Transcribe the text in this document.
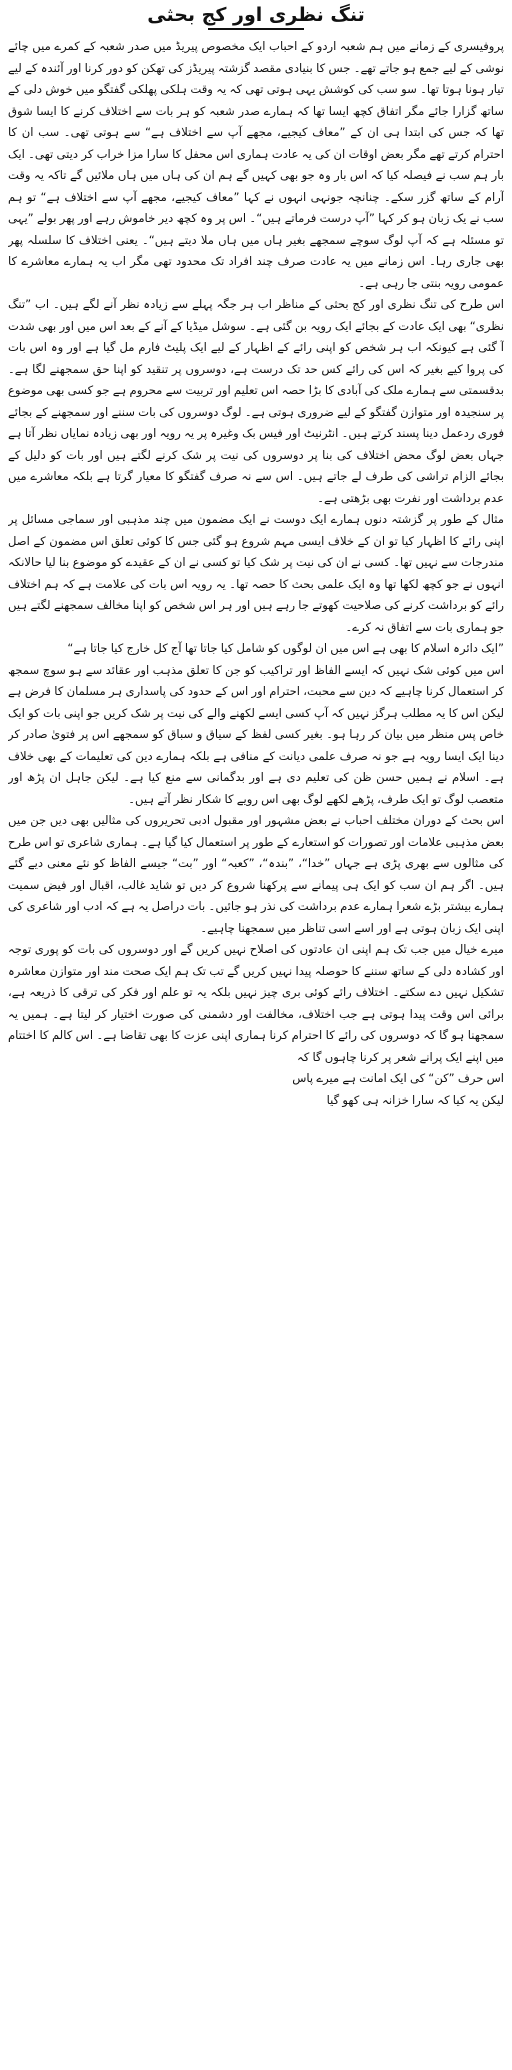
تنگ نظری اور کج بحثی

پروفیسری کے زمانے میں ہم شعبہ اردو کے احباب ایک مخصوص پیریڈ میں صدر شعبہ کے کمرے میں چائے نوشی کے لیے جمع ہو جاتے تھے۔ جس کا بنیادی مقصد گزشتہ پیریڈز کی تھکن کو دور کرنا اور آئندہ کے لیے تیار ہونا ہوتا تھا۔ سو سب کی کوشش یہی ہوتی تھی کہ یہ وقت ہلکی پھلکی گفتگو میں خوش دلی کے ساتھ گزارا جائے مگر اتفاق کچھ ایسا تھا کہ ہمارے صدر شعبہ کو ہر بات سے اختلاف کرنے کا ایسا شوق تھا کہ جس کی ابتدا ہی ان کے ”معاف کیجیے، مجھے آپ سے اختلاف ہے“ سے ہوتی تھی۔ سب ان کا احترام کرتے تھے مگر بعض اوقات ان کی یہ عادت ہماری اس محفل کا سارا مزا خراب کر دیتی تھی۔ ایک بار ہم سب نے فیصلہ کیا کہ اس بار وہ جو بھی کہیں گے ہم ان کی ہاں میں ہاں ملائیں گے تاکہ یہ وقت آرام کے ساتھ گزر سکے۔ چنانچہ جونہی انہوں نے کہا ”معاف کیجیے، مجھے آپ سے اختلاف ہے“ تو ہم سب نے یک زبان ہو کر کہا ”آپ درست فرماتے ہیں“۔ اس پر وہ کچھ دیر خاموش رہے اور پھر بولے ”یہی تو مسئلہ ہے کہ آپ لوگ سوچے سمجھے بغیر ہاں میں ہاں ملا دیتے ہیں“۔ یعنی اختلاف کا سلسلہ پھر بھی جاری رہا۔ اس زمانے میں یہ عادت صرف چند افراد تک محدود تھی مگر اب یہ ہمارے معاشرے کا عمومی رویہ بنتی جا رہی ہے۔

اس طرح کی تنگ نظری اور کج بحثی کے مناظر اب ہر جگہ پہلے سے زیادہ نظر آنے لگے ہیں۔ اب ”تنگ نظری“ بھی ایک عادت کے بجائے ایک رویہ بن گئی ہے۔ سوشل میڈیا کے آنے کے بعد اس میں اور بھی شدت آ گئی ہے کیونکہ اب ہر شخص کو اپنی رائے کے اظہار کے لیے ایک پلیٹ فارم مل گیا ہے اور وہ اس بات کی پروا کیے بغیر کہ اس کی رائے کس حد تک درست ہے، دوسروں پر تنقید کو اپنا حق سمجھنے لگا ہے۔ بدقسمتی سے ہمارے ملک کی آبادی کا بڑا حصہ اس تعلیم اور تربیت سے محروم ہے جو کسی بھی موضوع پر سنجیدہ اور متوازن گفتگو کے لیے ضروری ہوتی ہے۔ لوگ دوسروں کی بات سننے اور سمجھنے کے بجائے فوری ردعمل دینا پسند کرتے ہیں۔ انٹرنیٹ اور فیس بک وغیرہ پر یہ رویہ اور بھی زیادہ نمایاں نظر آتا ہے جہاں بعض لوگ محض اختلاف کی بنا پر دوسروں کی نیت پر شک کرنے لگتے ہیں اور بات کو دلیل کے بجائے الزام تراشی کی طرف لے جاتے ہیں۔ اس سے نہ صرف گفتگو کا معیار گرتا ہے بلکہ معاشرے میں عدم برداشت اور نفرت بھی بڑھتی ہے۔

مثال کے طور پر گزشتہ دنوں ہمارے ایک دوست نے ایک مضمون میں چند مذہبی اور سماجی مسائل پر اپنی رائے کا اظہار کیا تو ان کے خلاف ایسی مہم شروع ہو گئی جس کا کوئی تعلق اس مضمون کے اصل مندرجات سے نہیں تھا۔ کسی نے ان کی نیت پر شک کیا تو کسی نے ان کے عقیدے کو موضوع بنا لیا حالانکہ انہوں نے جو کچھ لکھا تھا وہ ایک علمی بحث کا حصہ تھا۔ یہ رویہ اس بات کی علامت ہے کہ ہم اختلاف رائے کو برداشت کرنے کی صلاحیت کھوتے جا رہے ہیں اور ہر اس شخص کو اپنا مخالف سمجھنے لگتے ہیں جو ہماری بات سے اتفاق نہ کرے۔

”ایک دائرہ اسلام کا بھی ہے اس میں ان لوگوں کو شامل کیا جاتا تھا آج کل خارج کیا جاتا ہے“

اس میں کوئی شک نہیں کہ ایسے الفاظ اور تراکیب کو جن کا تعلق مذہب اور عقائد سے ہو سوچ سمجھ کر استعمال کرنا چاہیے کہ دین سے محبت، احترام اور اس کے حدود کی پاسداری ہر مسلمان کا فرض ہے لیکن اس کا یہ مطلب ہرگز نہیں کہ آپ کسی ایسے لکھنے والے کی نیت پر شک کریں جو اپنی بات کو ایک خاص پس منظر میں بیان کر رہا ہو۔ بغیر کسی لفظ کے سیاق و سباق کو سمجھے اس پر فتویٰ صادر کر دینا ایک ایسا رویہ ہے جو نہ صرف علمی دیانت کے منافی ہے بلکہ ہمارے دین کی تعلیمات کے بھی خلاف ہے۔ اسلام نے ہمیں حسن ظن کی تعلیم دی ہے اور بدگمانی سے منع کیا ہے۔ لیکن جاہل ان پڑھ اور متعصب لوگ تو ایک طرف، پڑھے لکھے لوگ بھی اس رویے کا شکار نظر آتے ہیں۔

اس بحث کے دوران مختلف احباب نے بعض مشہور اور مقبول ادبی تحریروں کی مثالیں بھی دیں جن میں بعض مذہبی علامات اور تصورات کو استعارے کے طور پر استعمال کیا گیا ہے۔ ہماری شاعری تو اس طرح کی مثالوں سے بھری پڑی ہے جہاں ”خدا“، ”بندہ“، ”کعبہ“ اور ”بت“ جیسے الفاظ کو نئے معنی دیے گئے ہیں۔ اگر ہم ان سب کو ایک ہی پیمانے سے پرکھنا شروع کر دیں تو شاید غالب، اقبال اور فیض سمیت ہمارے بیشتر بڑے شعرا ہمارے عدم برداشت کی نذر ہو جائیں۔ بات دراصل یہ ہے کہ ادب اور شاعری کی اپنی ایک زبان ہوتی ہے اور اسے اسی تناظر میں سمجھنا چاہیے۔

میرے خیال میں جب تک ہم اپنی ان عادتوں کی اصلاح نہیں کریں گے اور دوسروں کی بات کو پوری توجہ اور کشادہ دلی کے ساتھ سننے کا حوصلہ پیدا نہیں کریں گے تب تک ہم ایک صحت مند اور متوازن معاشرہ تشکیل نہیں دے سکتے۔ اختلاف رائے کوئی بری چیز نہیں بلکہ یہ تو علم اور فکر کی ترقی کا ذریعہ ہے، برائی اس وقت پیدا ہوتی ہے جب اختلاف، مخالفت اور دشمنی کی صورت اختیار کر لیتا ہے۔ ہمیں یہ سمجھنا ہو گا کہ دوسروں کی رائے کا احترام کرنا ہماری اپنی عزت کا بھی تقاضا ہے۔ اس کالم کا اختتام میں اپنے ایک پرانے شعر پر کرنا چاہوں گا کہ

اس حرف ”کن“ کی ایک امانت ہے میرے پاس

لیکن یہ کیا کہ سارا خزانہ ہی کھو گیا
